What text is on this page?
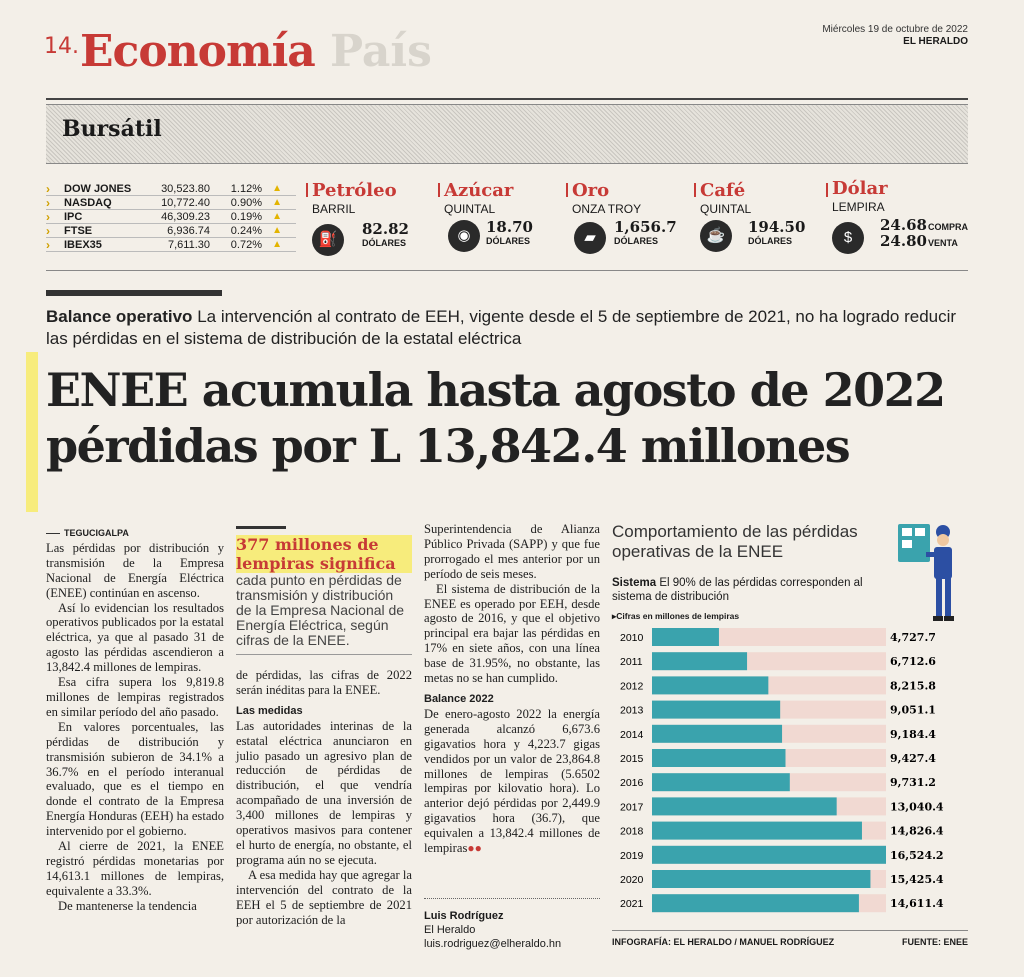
14.	País
Economía	Miércoles 19 de octubre de 2022
EL HERALDO
Bursátil
›	DOW JONES	30,523.80	1.12%	▲
›	NASDAQ	10,772.40	0.90%	▲
›	IPC	46,309.23	0.19%	▲
›	FTSE	6,936.74	0.24%	▲
›	IBEX35	7,611.30	0.72%	▲
Petróleo
BARRIL
⛽
82.82
DÓLARES
Azúcar
QUINTAL
◉	18.70
DÓLARES
Oro
ONZA TROY
▰
1,656.7
DÓLARES
Café
QUINTAL
☕	194.50
DÓLARES
Dólar
LEMPIRA
$
24.68 COMPRA
24.80 VENTA
Balance operativo La intervención al contrato de EEH, vigente desde el 5 de septiembre de 2021, no ha logrado reducir las pérdidas en el sistema de distribución de la estatal eléctrica
ENEE acumula hasta agosto de 2022
pérdidas por L 13,842.4 millones
TEGUCIGALPA

Las pérdidas por distribución y transmisión de la Empresa Nacional de Energía Eléctrica (ENEE) continúan en ascenso.

Así lo evidencian los resultados operativos publicados por la estatal eléctrica, ya que al pasado 31 de agosto las pérdidas ascendieron a 13,842.4 millones de lempiras.

Esa cifra supera los 9,819.8 millones de lempiras registrados en similar período del año pasado.

En valores porcentuales, las pérdidas de distribución y transmisión subieron de 34.1% a 36.7% en el período interanual evaluado, que es el tiempo en donde el contrato de la Empresa Energía Honduras (EEH) ha estado intervenido por el gobierno.

Al cierre de 2021, la ENEE registró pérdidas monetarias por 14,613.1 millones de lempiras, equivalente a 33.3%.

De mantenerse la tendencia

377 millones de lempiras significa
cada punto en pérdidas de transmisión y distribución de la Empresa Nacional de Energía Eléctrica, según cifras de la ENEE.

de pérdidas, las cifras de 2022 serán inéditas para la ENEE.

Las medidas

Las autoridades interinas de la estatal eléctrica anunciaron en julio pasado un agresivo plan de reducción de pérdidas de distribución, el que vendría acompañado de una inversión de 3,400 millones de lempiras y operativos masivos para contener el hurto de energía, no obstante, el programa aún no se ejecuta.

A esa medida hay que agregar la intervención del contrato de la EEH el 5 de septiembre de 2021 por autorización de la

Superintendencia de Alianza Público Privada (SAPP) y que fue prorrogado el mes anterior por un período de seis meses.

El sistema de distribución de la ENEE es operado por EEH, desde agosto de 2016, y que el objetivo principal era bajar las pérdidas en 17% en siete años, con una línea base de 31.95%, no obstante, las metas no se han cumplido.

Balance 2022

De enero-agosto 2022 la energía generada alcanzó 6,673.6 gigavatios hora y 4,223.7 gigas vendidos por un valor de 23,864.8 millones de lempiras (5.6502 lempiras por kilovatio hora). Lo anterior dejó pérdidas por 2,449.9 gigavatios hora (36.7), que equivalen a 13,842.4 millones de lempiras●●

Luis Rodríguez
El Heraldo
luis.rodriguez@elheraldo.hn
Comportamiento de las pérdidas operativas de la ENEE
Sistema El 90% de las pérdidas corresponden al sistema de distribución
▸Cifras en millones de lempiras
2010	4,727.7
2011	6,712.6
2012	8,215.8
2013	9,051.1
2014	9,184.4
2015	9,427.4
2016	9,731.2
2017	13,040.4
2018	14,826.4
2019	16,524.2
2020	15,425.4
2021	14,611.4
INFOGRAFÍA: EL HERALDO / MANUEL RODRÍGUEZ	FUENTE: ENEE
